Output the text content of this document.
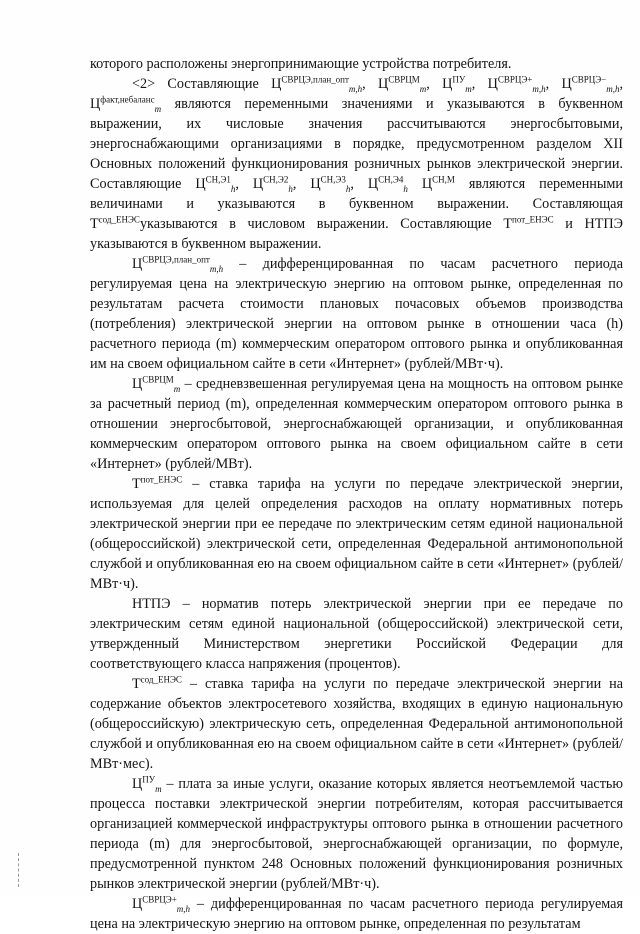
которого расположены энергопринимающие устройства потребителя.

<2> Составляющие $Ц^{СВРЦЭ,план\_опт}_{m,h}$, $Ц^{СВРЦМ}_m$, $Ц^{ПУ}_m$, $Ц^{СВРЦЭ+}_{m,h}$, $Ц^{СВРЦЭ-}_{m,h}$, $Ц^{факт,небаланс}_m$ являются переменными значениями и указываются в буквенном выражении, их числовые значения рассчитываются энергосбытовыми, энергоснабжающими организациями в порядке, предусмотренном разделом XII Основных положений функционирования розничных рынков электрической энергии. Составляющие $Ц^{СН,Э1}_h$, $Ц^{СН,Э2}_h$, $Ц^{СН,Э3}_h$, $Ц^{СН,Э4}_h$ $Ц^{СН,М}$ являются переменными величинами и указываются в буквенном выражении. Составляющая $Т^{сод\_ЕНЭС}указываются$ в числовом выражении. Составляющие $Т^{пот\_ЕНЭС}$ и НТПЭ указываются в буквенном выражении.

$Ц^{СВРЦЭ,план\_опт}_{m,h}$ – дифференцированная по часам расчетного периода регулируемая цена на электрическую энергию на оптовом рынке, определенная по результатам расчета стоимости плановых почасовых объемов производства (потребления) электрической энергии на оптовом рынке в отношении часа (h) расчетного периода (m) коммерческим оператором оптового рынка и опубликованная им на своем официальном сайте в сети «Интернет» (рублей/МВт·ч).

$Ц^{СВРЦМ}_m$ – средневзвешенная регулируемая цена на мощность на оптовом рынке за расчетный период (m), определенная коммерческим оператором оптового рынка в отношении энергосбытовой, энергоснабжающей организации, и опубликованная коммерческим оператором оптового рынка на своем официальном сайте в сети «Интернет» (рублей/МВт).

$Т^{пот\_ЕНЭС}$ – ставка тарифа на услуги по передаче электрической энергии, используемая для целей определения расходов на оплату нормативных потерь электрической энергии при ее передаче по электрическим сетям единой национальной (общероссийской) электрической сети, определенная Федеральной антимонопольной службой и опубликованная ею на своем официальном сайте в сети «Интернет» (рублей/МВт·ч).

НТПЭ – норматив потерь электрической энергии при ее передаче по электрическим сетям единой национальной (общероссийской) электрической сети, утвержденный Министерством энергетики Российской Федерации для соответствующего класса напряжения (процентов).

$Т^{сод\_ЕНЭС}$ – ставка тарифа на услуги по передаче электрической энергии на содержание объектов электросетевого хозяйства, входящих в единую национальную (общероссийскую) электрическую сеть, определенная Федеральной антимонопольной службой и опубликованная ею на своем официальном сайте в сети «Интернет» (рублей/МВт·мес).

$Ц^{ПУ}_m$ – плата за иные услуги, оказание которых является неотъемлемой частью процесса поставки электрической энергии потребителям, которая рассчитывается организацией коммерческой инфраструктуры оптового рынка в отношении расчетного периода (m) для энергосбытовой, энергоснабжающей организации, по формуле, предусмотренной пунктом 248 Основных положений функционирования розничных рынков электрической энергии (рублей/МВт·ч).

$Ц^{СВРЦЭ+}_{m,h}$ – дифференцированная по часам расчетного периода регулируемая цена на электрическую энергию на оптовом рынке, определенная по результатам
